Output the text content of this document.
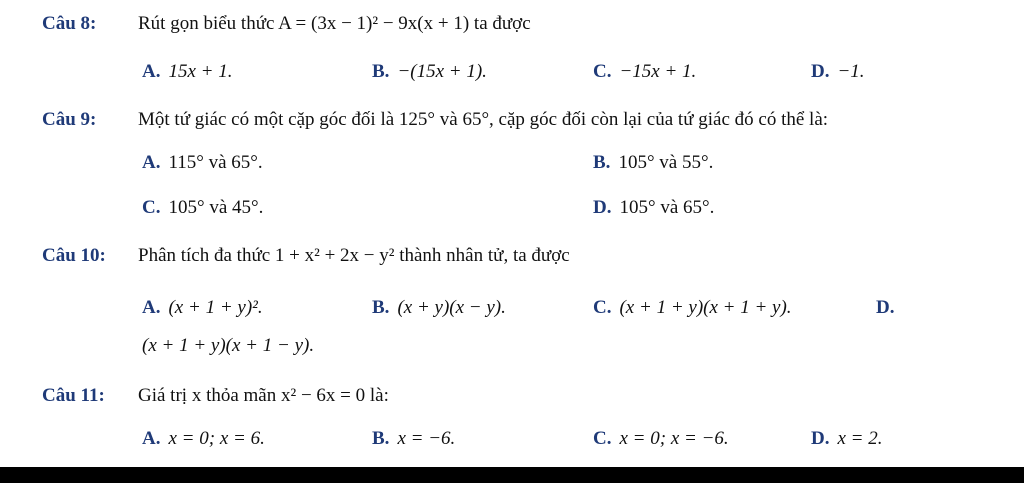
Câu 8: Rút gọn biểu thức A = (3x − 1)² − 9x(x + 1) ta được
A. 15x + 1.	B. −(15x + 1).	C. −15x + 1.	D. −1.
Câu 9: Một tứ giác có một cặp góc đối là 125° và 65°, cặp góc đối còn lại của tứ giác đó có thể là:
A. 115° và 65°.	B. 105° và 55°.
C. 105° và 45°.	D. 105° và 65°.
Câu 10: Phân tích đa thức 1 + x² + 2x − y² thành nhân tử, ta được
A. (x + 1 + y)².	B. (x + y)(x − y).	C. (x + 1 + y)(x + 1 + y).	D.
(x + 1 + y)(x + 1 − y).
Câu 11: Giá trị x thỏa mãn x² − 6x = 0 là:
A. x = 0; x = 6.	B. x = −6.	C. x = 0; x = −6.	D. x = 2.
